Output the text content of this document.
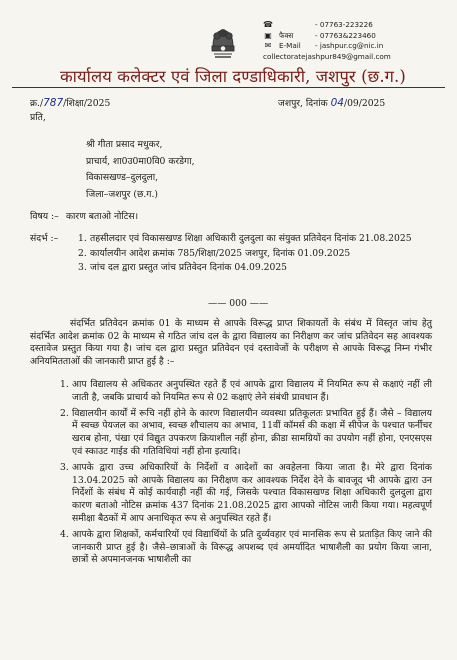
☎	- 07763-223226
▣ फैक्स	- 07763&223460
✉ E-Mail	- jashpur.cg@nic.in
collectoratejashpur849@gmail.com
कार्यालय कलेक्टर एवं जिला दण्डाधिकारी, जशपुर (छ.ग.)
क्र./787/शिक्षा/2025	जशपुर, दिनांक 04/09/2025
प्रति,
श्री गीता प्रसाद मधुकर,
प्राचार्य, शा0उ0मा0वि0 करडेगा,
विकासखण्ड–दुलदुला,
जिला–जशपुर (छ.ग.)
विषय :– कारण बताओ नोटिस।
संदर्भ :– 1. तहसीलदार एवं विकासखण्ड शिक्षा अधिकारी दुलदुला का संयुक्त प्रतिवेदन दिनांक 21.08.2025
2. कार्यालयीन आदेश क्रमांक 785/शिक्षा/2025 जशपुर, दिनांक 01.09.2025
3. जांच दल द्वारा प्रस्तुत जांच प्रतिवेदन दिनांक 04.09.2025
—— 000 ——
संदर्भित प्रतिवेदन क्रमांक 01 के माध्यम से आपके विरूद्ध प्राप्त शिकायतों के संबंध में विस्तृत जांच हेतु संदर्भित आदेश क्रमांक 02 के माध्यम से गठित जांच दल के द्वारा विद्यालय का निरीक्षण कर जांच प्रतिवेदन सह आवश्यक दस्तावेज प्रस्तुत किया गया है। जांच दल द्वारा प्रस्तुत प्रतिवेदन एवं दस्तावेजों के परीक्षण से आपके विरूद्ध निम्न गंभीर अनियमितताओं की जानकारी प्राप्त हुई है :–
1. आप विद्यालय से अधिकतर अनुपस्थित रहते हैं एवं आपके द्वारा विद्यालय में नियमित रूप से कक्षाएं नहीं ली जाती है, जबकि प्राचार्य को नियमित रूप से 02 कक्षाएं लेने संबंधी प्रावधान हैं।
2. विद्यालयीन कार्यों में रूचि नहीं होने के कारण विद्यालयीन व्यवस्था प्रतिकूलतः प्रभावित हुई हैं। जैसे – विद्यालय में स्वच्छ पेयजल का अभाव, स्वच्छ शौचालय का अभाव, 11वीं कॉमर्स की कक्षा में सीपेज के पश्चात फर्नीचर खराब होना, पंखा एवं विद्युत उपकरण क्रियाशील नहीं होना, क्रीडा सामग्रियों का उपयोग नहीं होना, एनएसएस एवं स्काउट गाईड की गतिविधियां नहीं होना इत्यादि।
3. आपके द्वारा उच्च अधिकारियों के निर्देशों व आदेशों का अवहेलना किया जाता है। मेरे द्वारा दिनांक 13.04.2025 को आपके विद्यालय का निरीक्षण कर आवश्यक निर्देश देने के बावजूद भी आपके द्वारा उन निर्देशों के संबंध में कोई कार्यवाही नहीं की गई, जिसके पश्चात विकासखण्ड शिक्षा अधिकारी दुलदुला द्वारा कारण बताओ नोटिस क्रमांक 437 दिनांक 21.08.2025 द्वारा आपको नोटिस जारी किया गया। महत्वपूर्ण समीक्षा बैठकों में आप अनाधिकृत रूप से अनुपस्थित रहते हैं।
4. आपके द्वारा शिक्षकों, कर्मचारियों एवं विद्यार्थियों के प्रति दुर्व्यवहार एवं मानसिक रूप से प्रताड़ित किए जाने की जानकारी प्राप्त हुई है। जैसे–छात्राओं के विरूद्ध अपशब्द एवं अमर्यादित भाषाशैली का प्रयोग किया जाना, छात्रों से अपमानजनक भाषाशैली का
